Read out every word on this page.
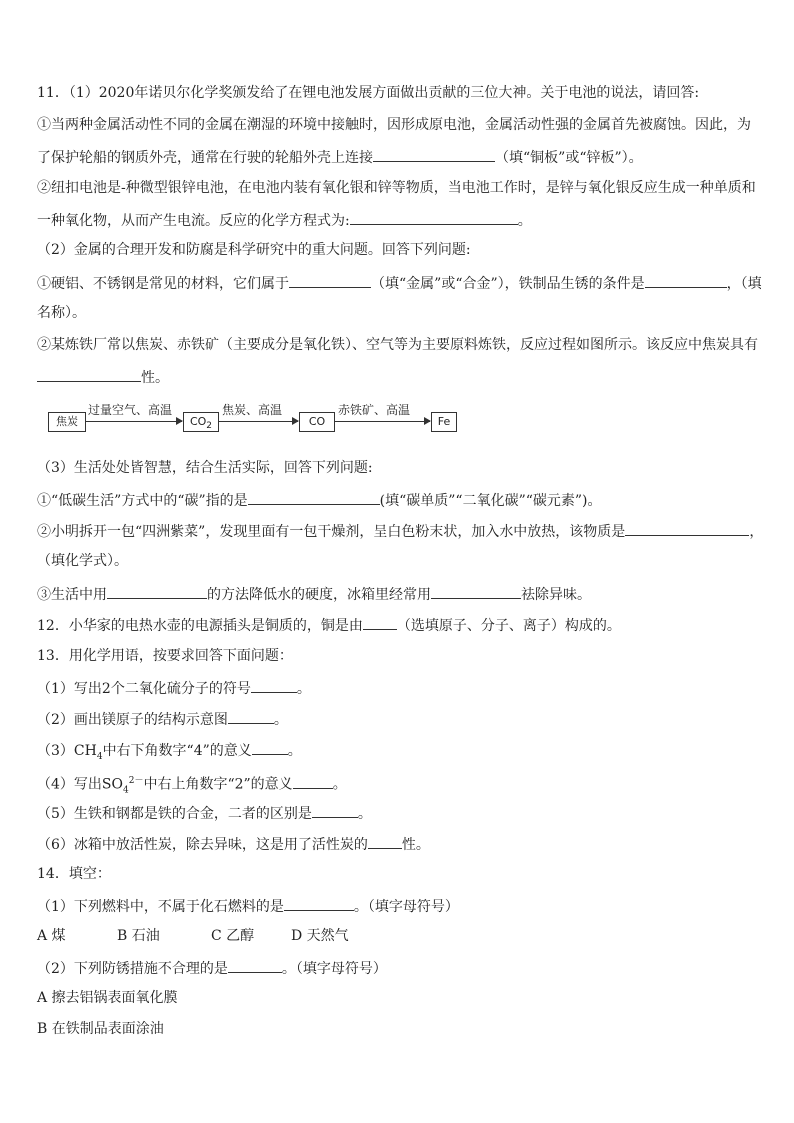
11．（1）2020年诺贝尔化学奖颁发给了在锂电池发展方面做出贡献的三位大神。关于电池的说法，请回答:
①当两种金属活动性不同的金属在潮湿的环境中接触时，因形成原电池，金属活动性强的金属首先被腐蚀。因此，为
了保护轮船的钢质外壳，通常在行驶的轮船外壳上连接	（填“铜板”或“锌板”）。
②纽扣电池是-种微型银锌电池，在电池内装有氧化银和锌等物质，当电池工作时，是锌与氧化银反应生成一种单质和
一种氧化物，从而产生电流。反应的化学方程式为:	。
（2）金属的合理开发和防腐是科学研究中的重大问题。回答下列问题:
①硬铝、不锈钢是常见的材料，它们属于	（填“金属”或“合金”），铁制品生锈的条件是	，（填
名称）。
②某炼铁厂常以焦炭、赤铁矿（主要成分是氧化铁）、空气等为主要原料炼铁，反应过程如图所示。该反应中焦炭具有
性。
焦炭
过量空气、高温
$CO_2$
焦炭、高温
CO
赤铁矿、高温
Fe
（3）生活处处皆智慧，结合生活实际，回答下列问题:
①“低碳生活”方式中的“碳”指的是	(填“碳单质”“二氧化碳”“碳元素”)。
②小明拆开一包“四洲紫菜”，发现里面有一包干燥剂，呈白色粉末状，加入水中放热，该物质是	，
（填化学式）。
③生活中用	的方法降低水的硬度，冰箱里经常用	祛除异味。
12．小华家的电热水壶的电源插头是铜质的，铜是由 （选填原子、分子、离子）构成的。
13．用化学用语，按要求回答下面问题：
（1）写出2个二氧化硫分子的符号	。
（2）画出镁原子的结构示意图	。
$(3)CH_4$中右下角数字“4”的意义	。
（4）写出$SO_4^{2-}$中右上角数字“2”的意义	。
（5）生铁和钢都是铁的合金，二者的区别是	。
（6）冰箱中放活性炭，除去异味，这是用了活性炭的 性。
14．填空：
（1）下列燃料中，不属于化石燃料的是	。（填字母符号）
A 煤	B 石油	C 乙醇	D 天然气
（2）下列防锈措施不合理的是	。（填字母符号）
A 擦去铝锅表面氧化膜
B 在铁制品表面涂油
